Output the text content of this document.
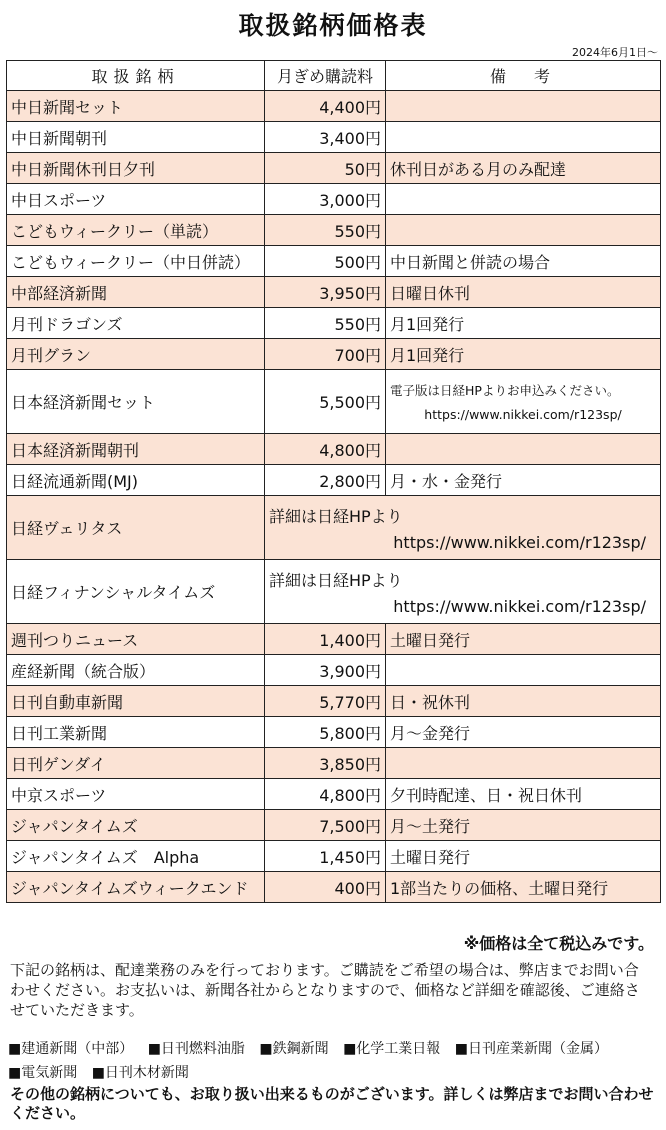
取扱銘柄価格表
2024年6月1日～
取扱銘柄	月ぎめ購読料	備　考
中日新聞セット	4,400円	
中日新聞朝刊	3,400円	
中日新聞休刊日夕刊	50円	休刊日がある月のみ配達
中日スポーツ	3,000円	
こどもウィークリー（単読）	550円	
こどもウィークリー（中日併読）	500円	中日新聞と併読の場合
中部経済新聞	3,950円	日曜日休刊
月刊ドラゴンズ	550円	月1回発行
月刊グラン	700円	月1回発行
日本経済新聞セット	5,500円	電子版は日経HPよりお申込みください。
https://www.nikkei.com/r123sp/

日本経済新聞朝刊	4,800円	
日経流通新聞(MJ)	2,800円	月・水・金発行
日経ヴェリタス	詳細は日経HPより
https://www.nikkei.com/r123sp/	

日経フィナンシャルタイムズ	詳細は日経HPより
https://www.nikkei.com/r123sp/	

週刊つりニュース	1,400円	土曜日発行
産経新聞（統合版）	3,900円	
日刊自動車新聞	5,770円	日・祝休刊
日刊工業新聞	5,800円	月～金発行
日刊ゲンダイ	3,850円	
中京スポーツ	4,800円	夕刊時配達、日・祝日休刊
ジャパンタイムズ	7,500円	月～土発行
ジャパンタイムズ　Alpha	1,450円	土曜日発行
ジャパンタイムズウィークエンド	400円	1部当たりの価格、土曜日発行
※価格は全て税込みです。
下記の銘柄は、配達業務のみを行っております。ご購読をご希望の場合は、弊店までお問い合わせください。お支払いは、新聞各社からとなりますので、価格など詳細を確認後、ご連絡させていただきます。
■建通新聞（中部） ■日刊燃料油脂 ■鉄鋼新聞 ■化学工業日報 ■日刊産業新聞（金属）
■電気新聞 ■日刊木材新聞
その他の銘柄についても、お取り扱い出来るものがございます。詳しくは弊店までお問い合わせください。
